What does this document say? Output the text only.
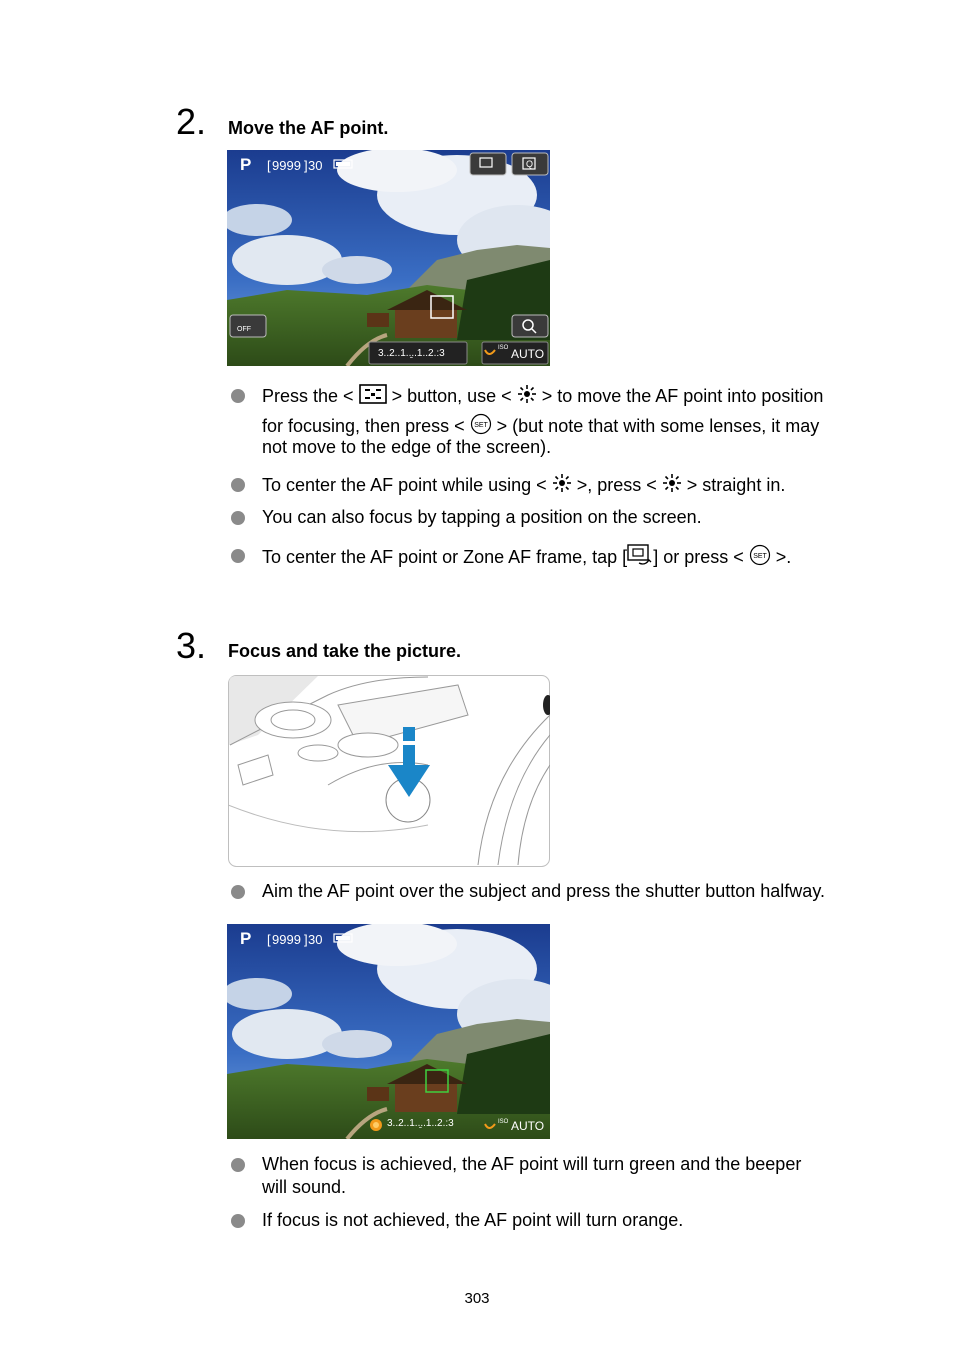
2. Move the AF point.
P [ 9999 ] 30	Q
OFF
3..2..1..̱..1..2.:3	ISO AUTO
Press the < > button, use < > to move the AF point into position
for focusing, then press < SET > (but note that with some lenses, it may
not move to the edge of the screen).
To center the AF point while using < >, press < > straight in.
You can also focus by tapping a position on the screen.
To center the AF point or Zone AF frame, tap [ ] or press < SET >.
3. Focus and take the picture.
Aim the AF point over the subject and press the shutter button halfway.
P [ 9999 ] 30
3..2..1..̱..1..2.:3	ISO AUTO
When focus is achieved, the AF point will turn green and the beeper
will sound.
If focus is not achieved, the AF point will turn orange.
303
